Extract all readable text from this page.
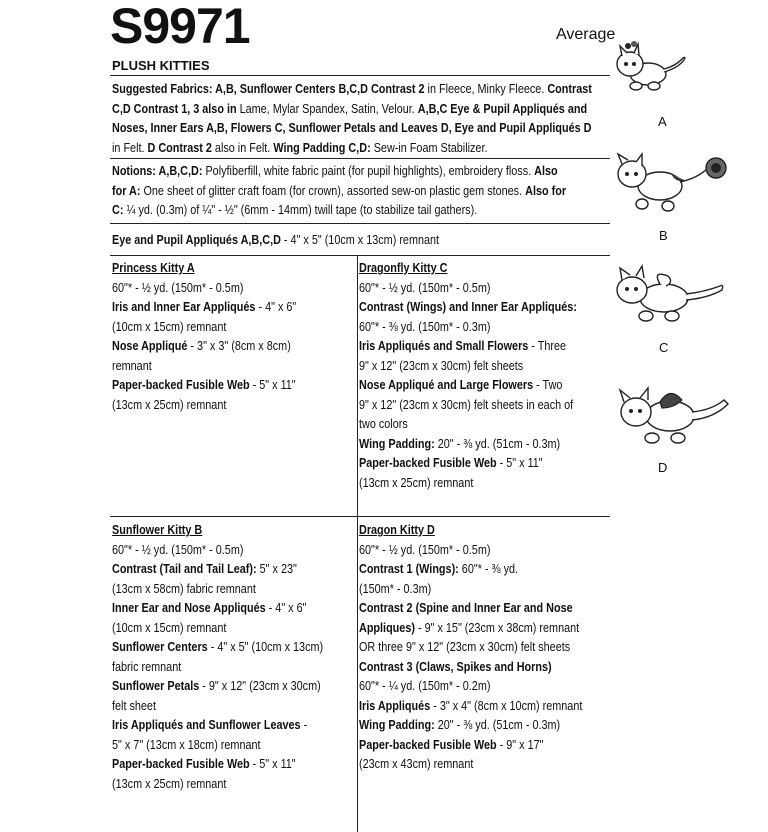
S9971	Average
PLUSH KITTIES
Suggested Fabrics: A,B, Sunflower Centers B,C,D Contrast 2 in Fleece, Minky Fleece. Contrast
C,D Contrast 1, 3 also in Lame, Mylar Spandex, Satin, Velour. A,B,C Eye & Pupil Appliqués and
Noses, Inner Ears A,B, Flowers C, Sunflower Petals and Leaves D, Eye and Pupil Appliqués D
in Felt. D Contrast 2 also in Felt. Wing Padding C,D: Sew-in Foam Stabilizer.
Notions: A,B,C,D: Polyfiberfill, white fabric paint (for pupil highlights), embroidery floss. Also
for A: One sheet of glitter craft foam (for crown), assorted sew-on plastic gem stones. Also for
C: ¼ yd. (0.3m) of ¼" - ½" (6mm - 14mm) twill tape (to stabilize tail gathers).
Eye and Pupil Appliqués A,B,C,D - 4" x 5" (10cm x 13cm) remnant
Princess Kitty A
60"* - ½ yd. (150m* - 0.5m)
Iris and Inner Ear Appliqués - 4" x 6"
(10cm x 15cm) remnant
Nose Appliqué - 3" x 3" (8cm x 8cm)
remnant
Paper-backed Fusible Web - 5" x 11"
(13cm x 25cm) remnant
Dragonfly Kitty C
60"* - ½ yd. (150m* - 0.5m)
Contrast (Wings) and Inner Ear Appliqués:
60"* - ⅜ yd. (150m* - 0.3m)
Iris Appliqués and Small Flowers - Three
9" x 12" (23cm x 30cm) felt sheets
Nose Appliqué and Large Flowers - Two
9" x 12" (23cm x 30cm) felt sheets in each of
two colors
Wing Padding: 20" - ⅜ yd. (51cm - 0.3m)
Paper-backed Fusible Web - 5" x 11"
(13cm x 25cm) remnant
Sunflower Kitty B
60"* - ½ yd. (150m* - 0.5m)
Contrast (Tail and Tail Leaf): 5" x 23"
(13cm x 58cm) fabric remnant
Inner Ear and Nose Appliqués - 4" x 6"
(10cm x 15cm) remnant
Sunflower Centers - 4" x 5" (10cm x 13cm)
fabric remnant
Sunflower Petals - 9" x 12" (23cm x 30cm)
felt sheet
Iris Appliqués and Sunflower Leaves -
5" x 7" (13cm x 18cm) remnant
Paper-backed Fusible Web - 5" x 11"
(13cm x 25cm) remnant
Dragon Kitty D
60"* - ½ yd. (150m* - 0.5m)
Contrast 1 (Wings): 60"* - ⅜ yd.
(150m* - 0.3m)
Contrast 2 (Spine and Inner Ear and Nose
Appliques) - 9" x 15" (23cm x 38cm) remnant
OR three 9" x 12" (23cm x 30cm) felt sheets
Contrast 3 (Claws, Spikes and Horns)
60"* - ¼ yd. (150m* - 0.2m)
Iris Appliqués - 3" x 4" (8cm x 10cm) remnant
Wing Padding: 20" - ⅜ yd. (51cm - 0.3m)
Paper-backed Fusible Web - 9" x 17"
(23cm x 43cm) remnant
A
B
C
D
